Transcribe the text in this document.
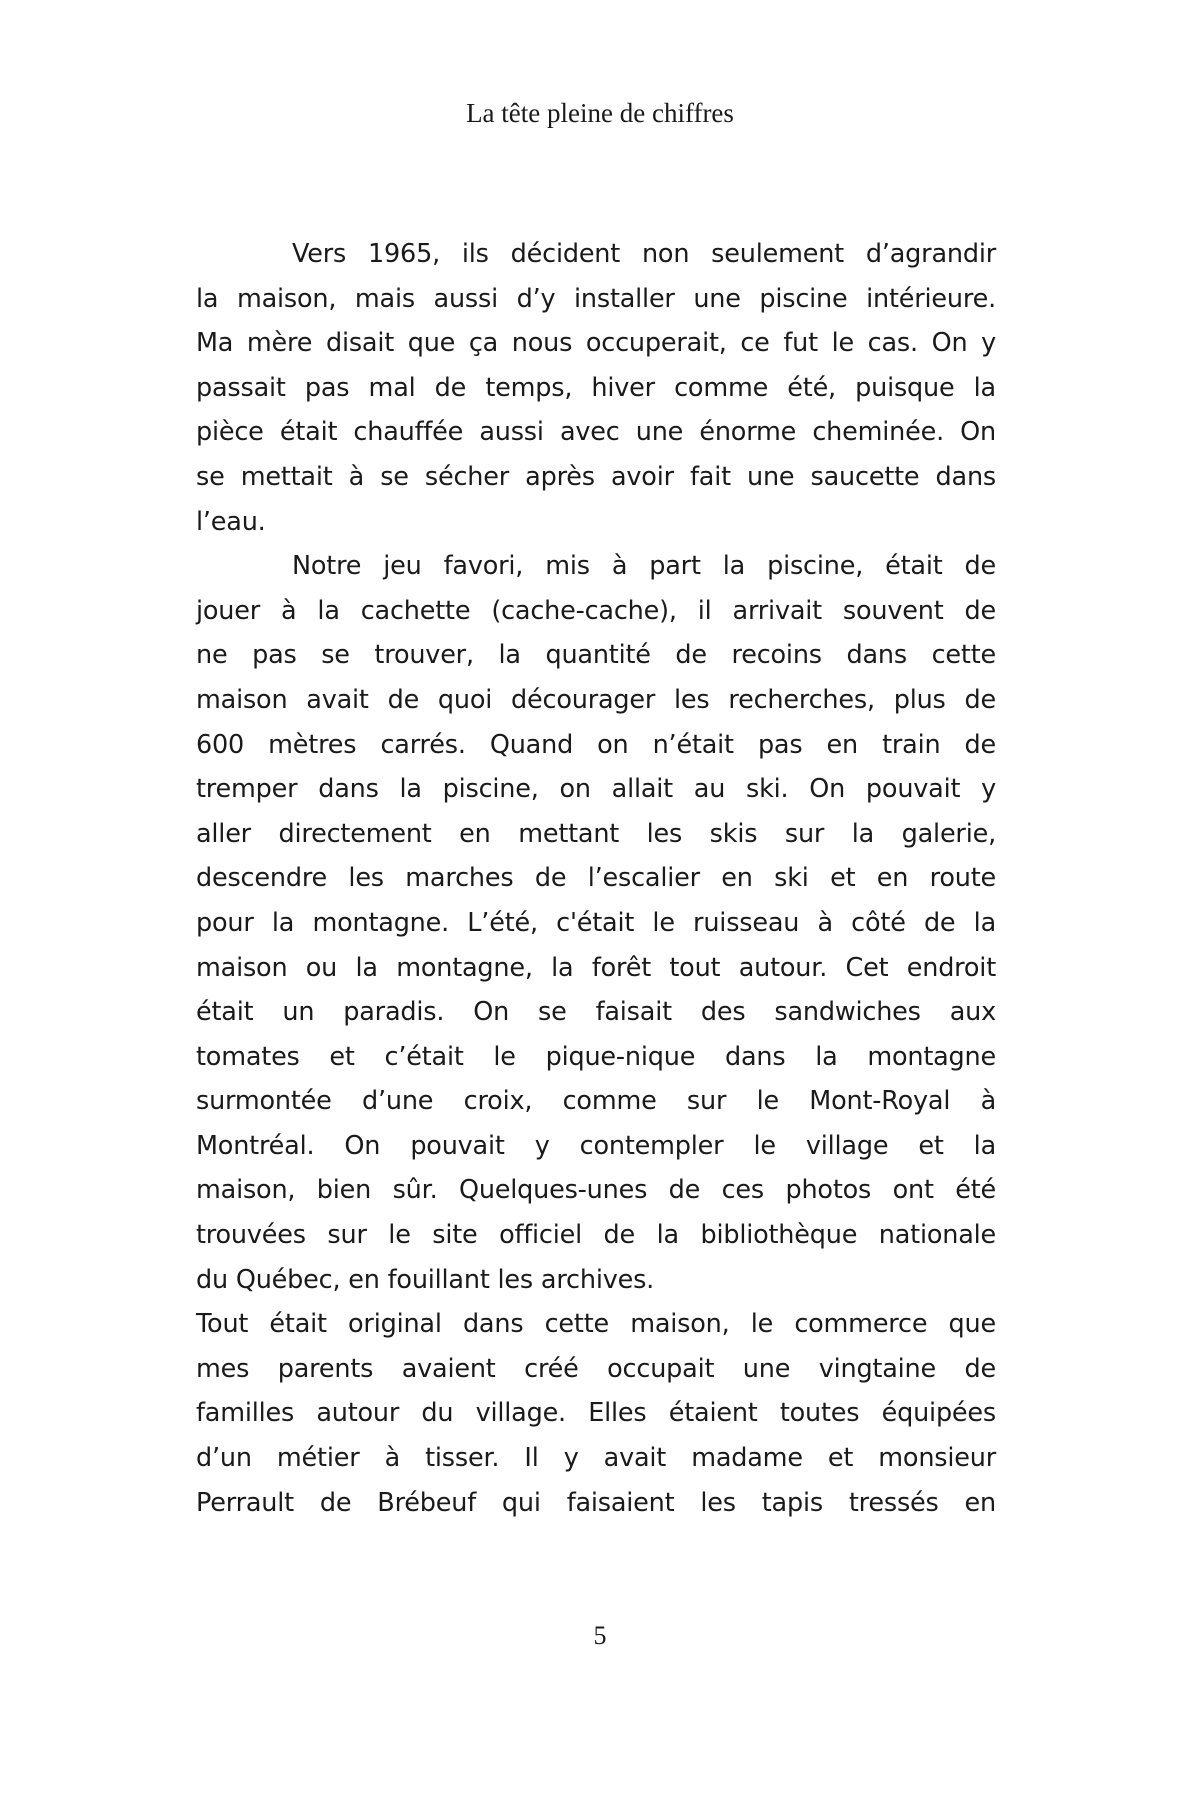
La tête pleine de chiffres

Vers 1965, ils décident non seulement d’agrandir
la maison, mais aussi d’y installer une piscine intérieure.
Ma mère disait que ça nous occuperait, ce fut le cas. On y
passait pas mal de temps, hiver comme été, puisque la
pièce était chauffée aussi avec une énorme cheminée. On
se mettait à se sécher après avoir fait une saucette dans
l’eau.

Notre jeu favori, mis à part la piscine, était de
jouer à la cachette (cache-cache), il arrivait souvent de
ne pas se trouver, la quantité de recoins dans cette
maison avait de quoi décourager les recherches, plus de
600 mètres carrés. Quand on n’était pas en train de
tremper dans la piscine, on allait au ski. On pouvait y
aller directement en mettant les skis sur la galerie,
descendre les marches de l’escalier en ski et en route
pour la montagne. L’été, c'était le ruisseau à côté de la
maison ou la montagne, la forêt tout autour. Cet endroit
était un paradis. On se faisait des sandwiches aux
tomates et c’était le pique-nique dans la montagne
surmontée d’une croix, comme sur le Mont-Royal à
Montréal. On pouvait y contempler le village et la
maison, bien sûr. Quelques-unes de ces photos ont été
trouvées sur le site officiel de la bibliothèque nationale
du Québec, en fouillant les archives.

Tout était original dans cette maison, le commerce que
mes parents avaient créé occupait une vingtaine de
familles autour du village. Elles étaient toutes équipées
d’un métier à tisser. Il y avait madame et monsieur
Perrault de Brébeuf qui faisaient les tapis tressés en

5
